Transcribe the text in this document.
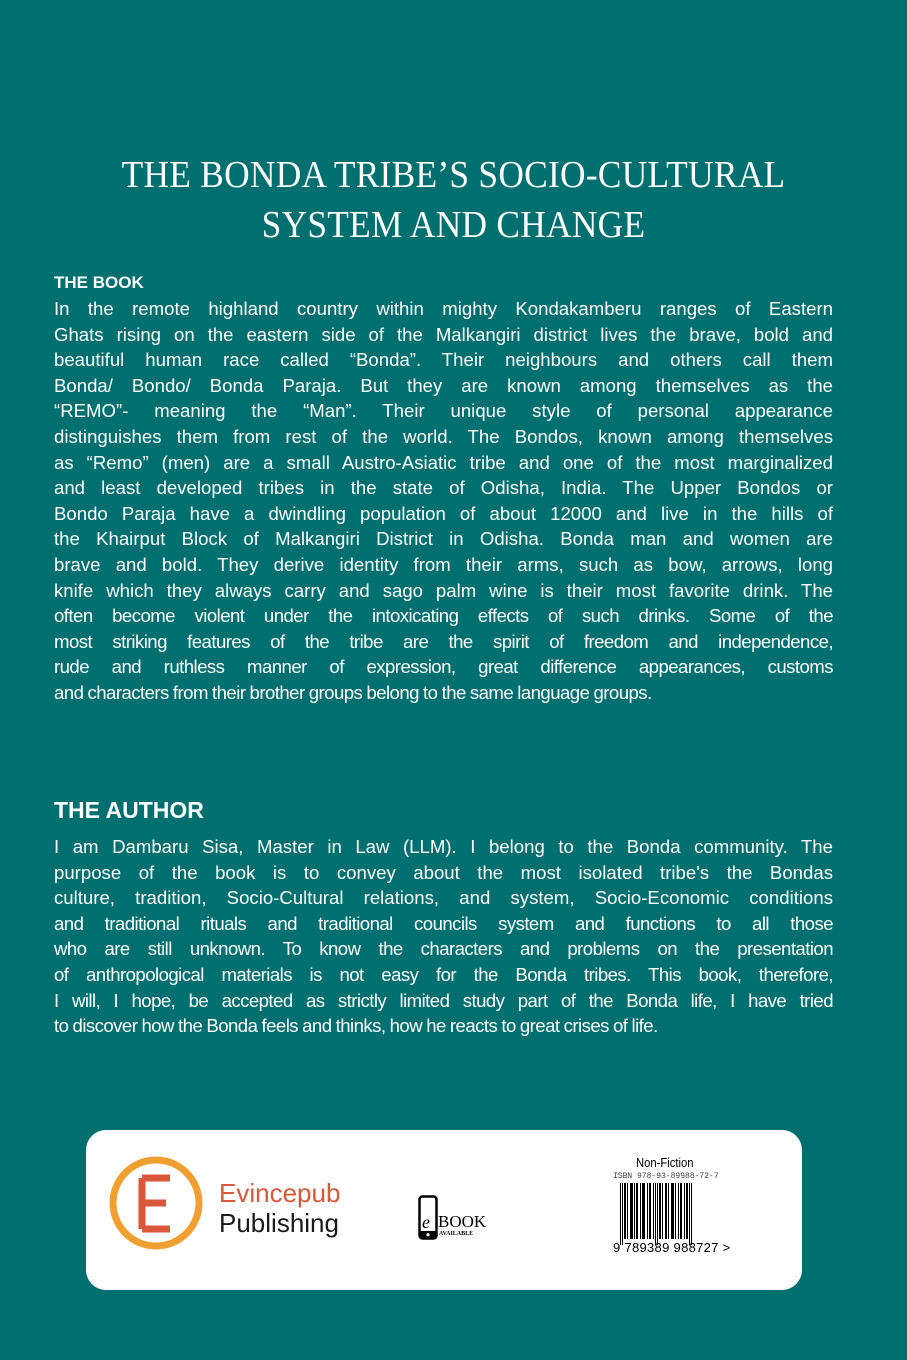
THE BONDA TRIBE’S SOCIO-CULTURAL
SYSTEM AND CHANGE
THE BOOK
In the remote highland country within mighty Kondakamberu ranges of Eastern
Ghats rising on the eastern side of the Malkangiri district lives the brave, bold and
beautiful human race called “Bonda”. Their neighbours and others call them
Bonda/ Bondo/ Bonda Paraja. But they are known among themselves as the
“REMO”- meaning the “Man”. Their unique style of personal appearance
distinguishes them from rest of the world. The Bondos, known among themselves
as “Remo” (men) are a small Austro-Asiatic tribe and one of the most marginalized
and least developed tribes in the state of Odisha, India. The Upper Bondos or
Bondo Paraja have a dwindling population of about 12000 and live in the hills of
the Khairput Block of Malkangiri District in Odisha. Bonda man and women are
brave and bold. They derive identity from their arms, such as bow, arrows, long
knife which they always carry and sago palm wine is their most favorite drink. The
often become violent under the intoxicating effects of such drinks. Some of the
most striking features of the tribe are the spirit of freedom and independence,
rude and ruthless manner of expression, great difference appearances, customs
and characters from their brother groups belong to the same language groups.
THE AUTHOR
I am Dambaru Sisa, Master in Law (LLM). I belong to the Bonda community. The
purpose of the book is to convey about the most isolated tribe's the Bondas
culture, tradition, Socio-Cultural relations, and system, Socio-Economic conditions
and traditional rituals and traditional councils system and functions to all those
who are still unknown. To know the characters and problems on the presentation
of anthropological materials is not easy for the Bonda tribes. This book, therefore,
I will, I hope, be accepted as strictly limited study part of the Bonda life, I have tried
to discover how the Bonda feels and thinks, how he reacts to great crises of life.
Evincepub
Publishing	e BOOK
AVAILABLE
Non-Fiction
ISBN 978-93-89988-72-7
9 789389 988727 >
